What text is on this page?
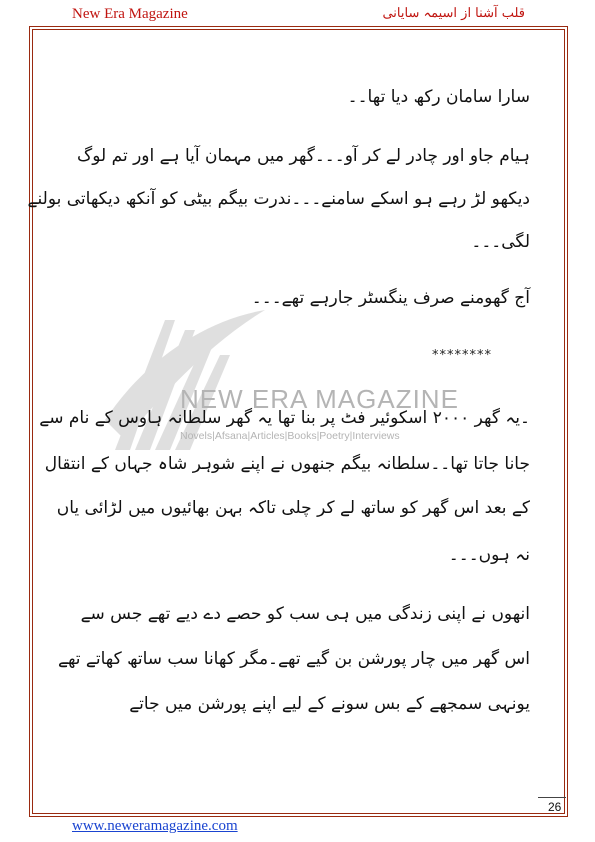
New Era Magazine	قلب آشنا از اسیمہ سایانی
NEW ERA MAGAZINE
Novels|Afsana|Articles|Books|Poetry|Interviews
سارا سامان رکھ دیا تھا۔۔
ہیام جاو اور چادر لے کر آو۔۔۔گھر میں مہمان آیا ہے اور تم لوگ
دیکھو لڑ رہے ہو اسکے سامنے۔۔۔ندرت بیگم بیٹی کو آنکھ دیکھاتی بولنے
لگی۔۔۔
آج گھومنے صرف ینگسٹر جارہے تھے۔۔۔
********
۔یہ گھر ۲۰۰۰ اسکوئیر فٹ پر بنا تھا یہ گھر سلطانہ ہاوس کے نام سے
جانا جاتا تھا۔۔سلطانہ بیگم جنھوں نے اپنے شوہر شاہ جہاں کے انتقال
کے بعد اس گھر کو ساتھ لے کر چلی تاکہ بہن بھائیوں میں لڑائی یاں
نہ ہوں۔۔۔
انھوں نے اپنی زندگی میں ہی سب کو حصے دے دیے تھے جس سے
اس گھر میں چار پورشن بن گیے تھے۔مگر کھانا سب ساتھ کھاتے تھے
یونہی سمجھے کے بس سونے کے لیے اپنے پورشن میں جاتے
26
www.neweramagazine.com
